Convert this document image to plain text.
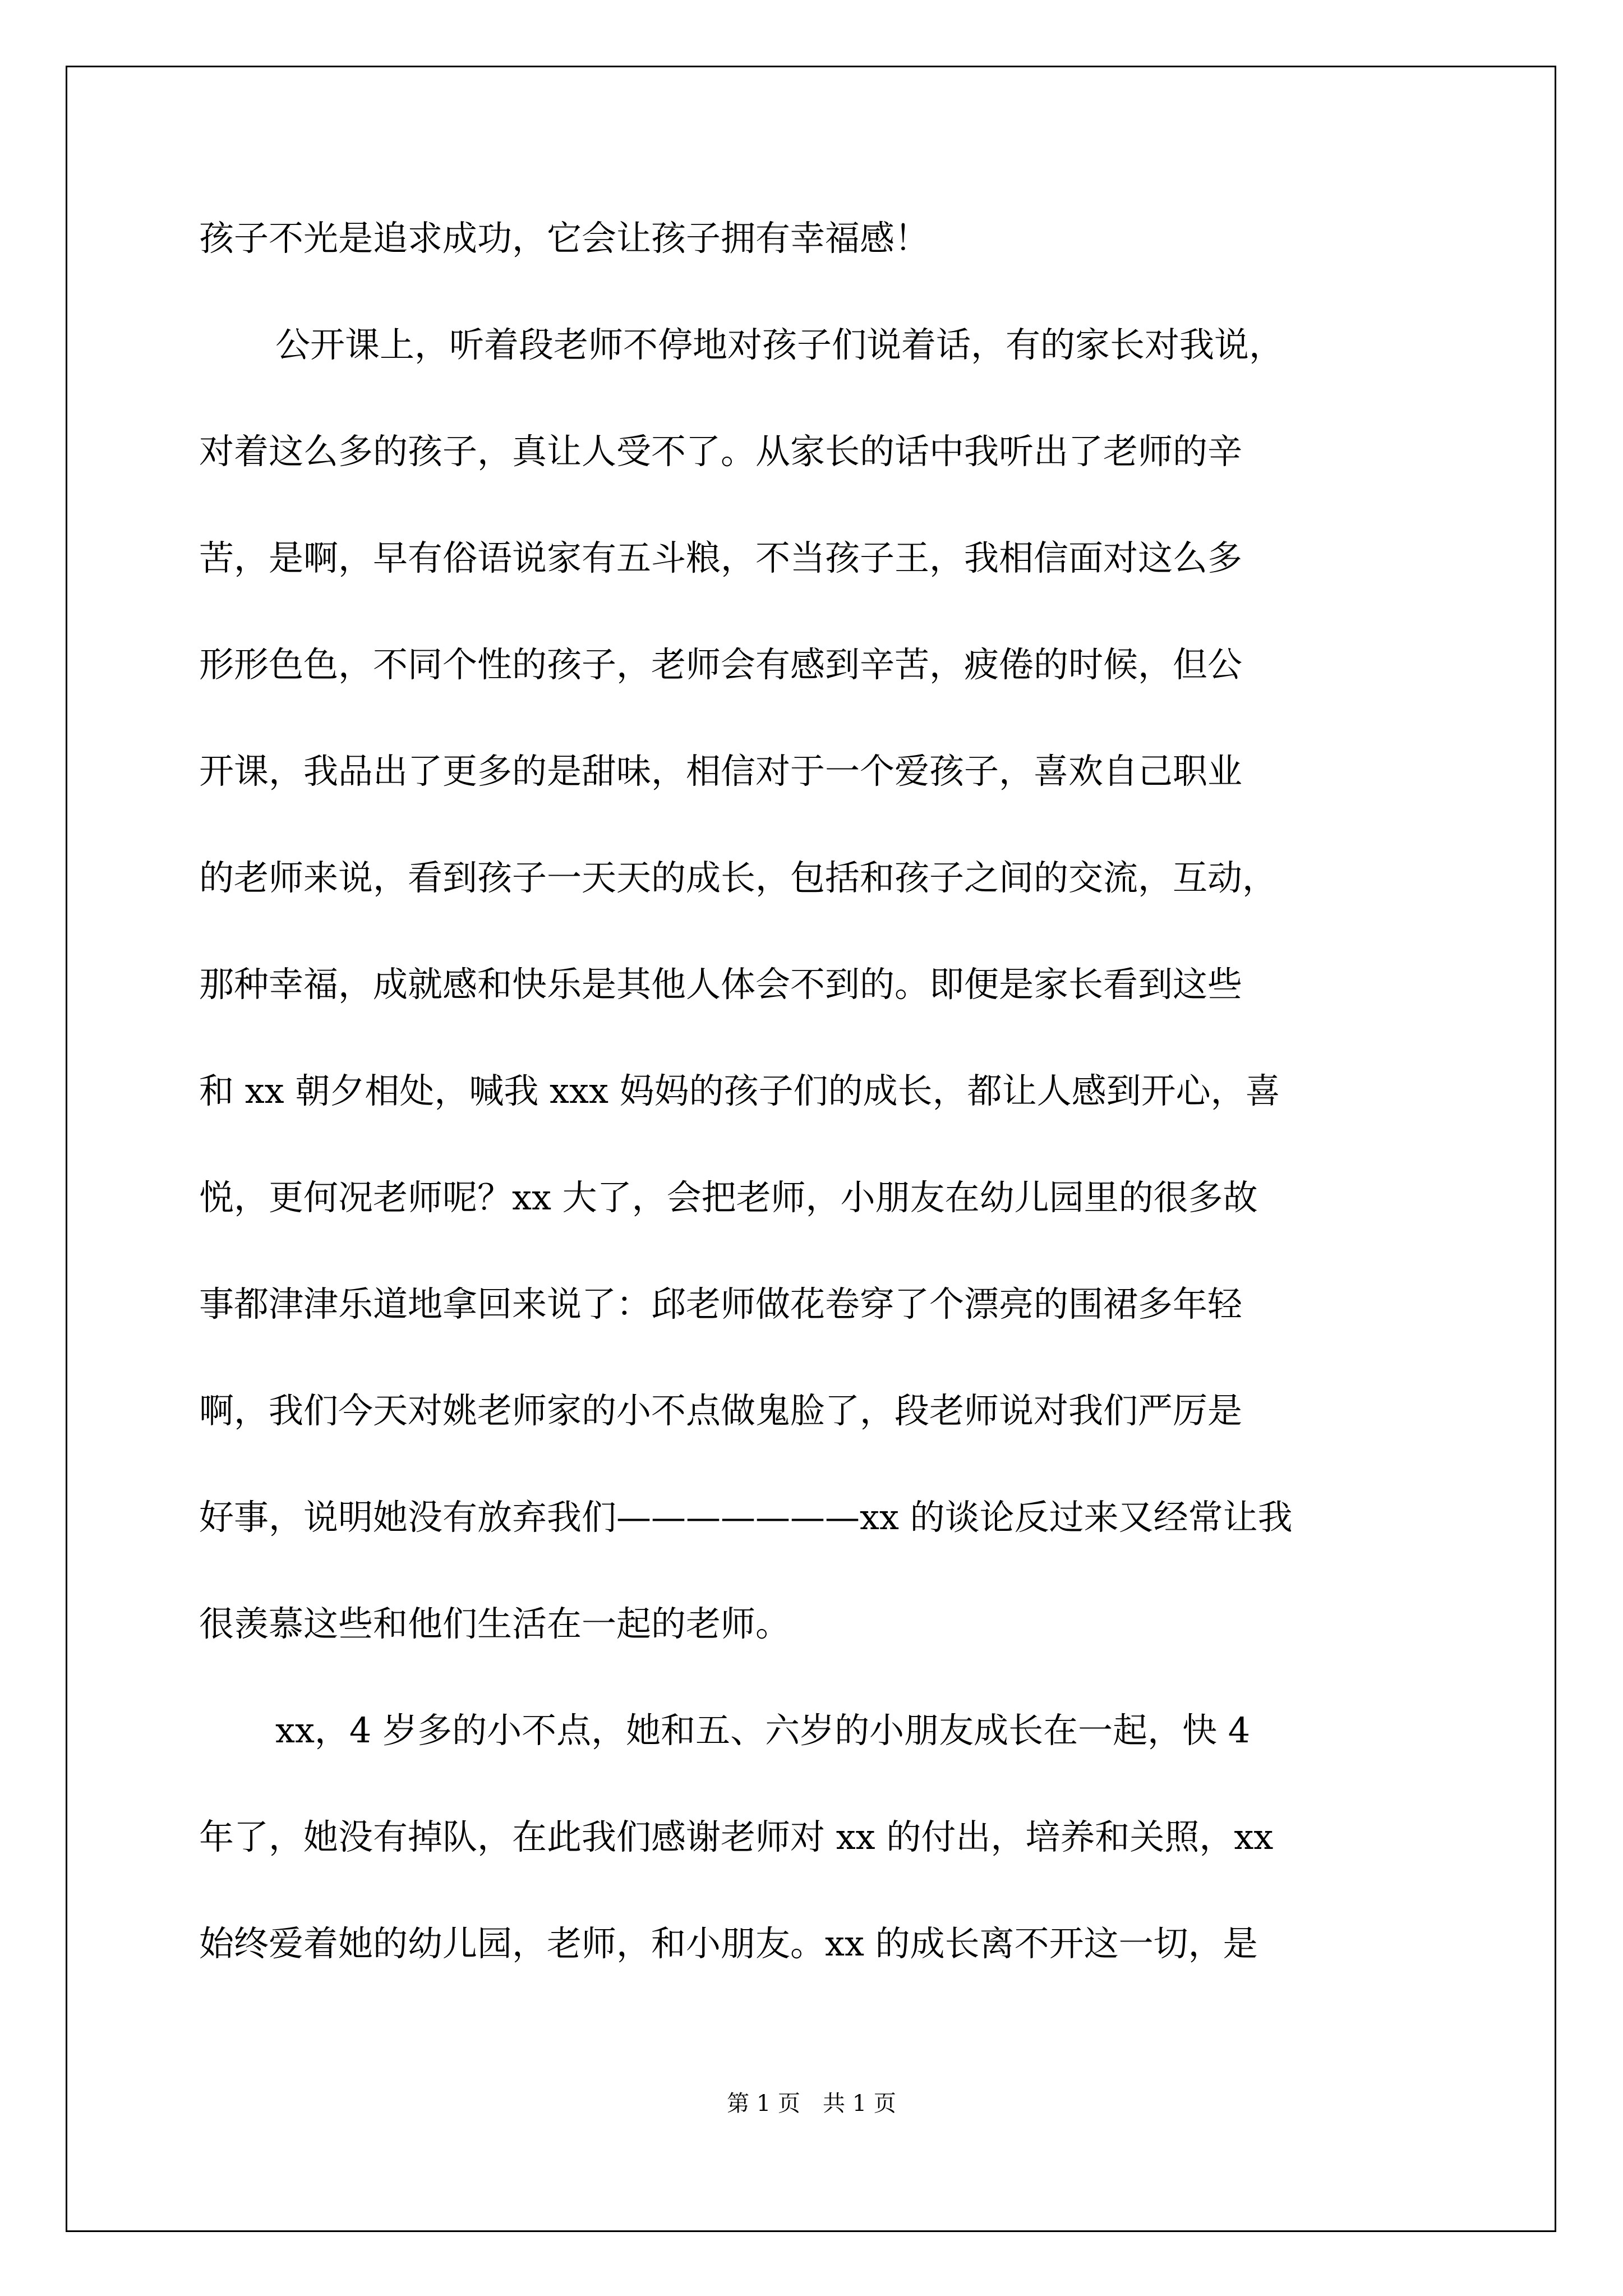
孩子不光是追求成功，它会让孩子拥有幸福感！
公开课上，听着段老师不停地对孩子们说着话，有的家长对我说，
对着这么多的孩子，真让人受不了。从家长的话中我听出了老师的辛
苦，是啊，早有俗语说家有五斗粮，不当孩子王，我相信面对这么多
形形色色，不同个性的孩子，老师会有感到辛苦，疲倦的时候，但公
开课，我品出了更多的是甜味，相信对于一个爱孩子，喜欢自己职业
的老师来说，看到孩子一天天的成长，包括和孩子之间的交流，互动，
那种幸福，成就感和快乐是其他人体会不到的。即便是家长看到这些
和 xx 朝夕相处，喊我 xxx 妈妈的孩子们的成长，都让人感到开心，喜
悦，更何况老师呢？xx 大了，会把老师，小朋友在幼儿园里的很多故
事都津津乐道地拿回来说了：邱老师做花卷穿了个漂亮的围裙多年轻
啊，我们今天对姚老师家的小不点做鬼脸了，段老师说对我们严厉是
好事，说明她没有放弃我们———————xx 的谈论反过来又经常让我
很羡慕这些和他们生活在一起的老师。
xx，4 岁多的小不点，她和五、六岁的小朋友成长在一起，快 4
年了，她没有掉队，在此我们感谢老师对 xx 的付出，培养和关照，xx
始终爱着她的幼儿园，老师，和小朋友。xx 的成长离不开这一切，是
第 1 页　共 1 页
